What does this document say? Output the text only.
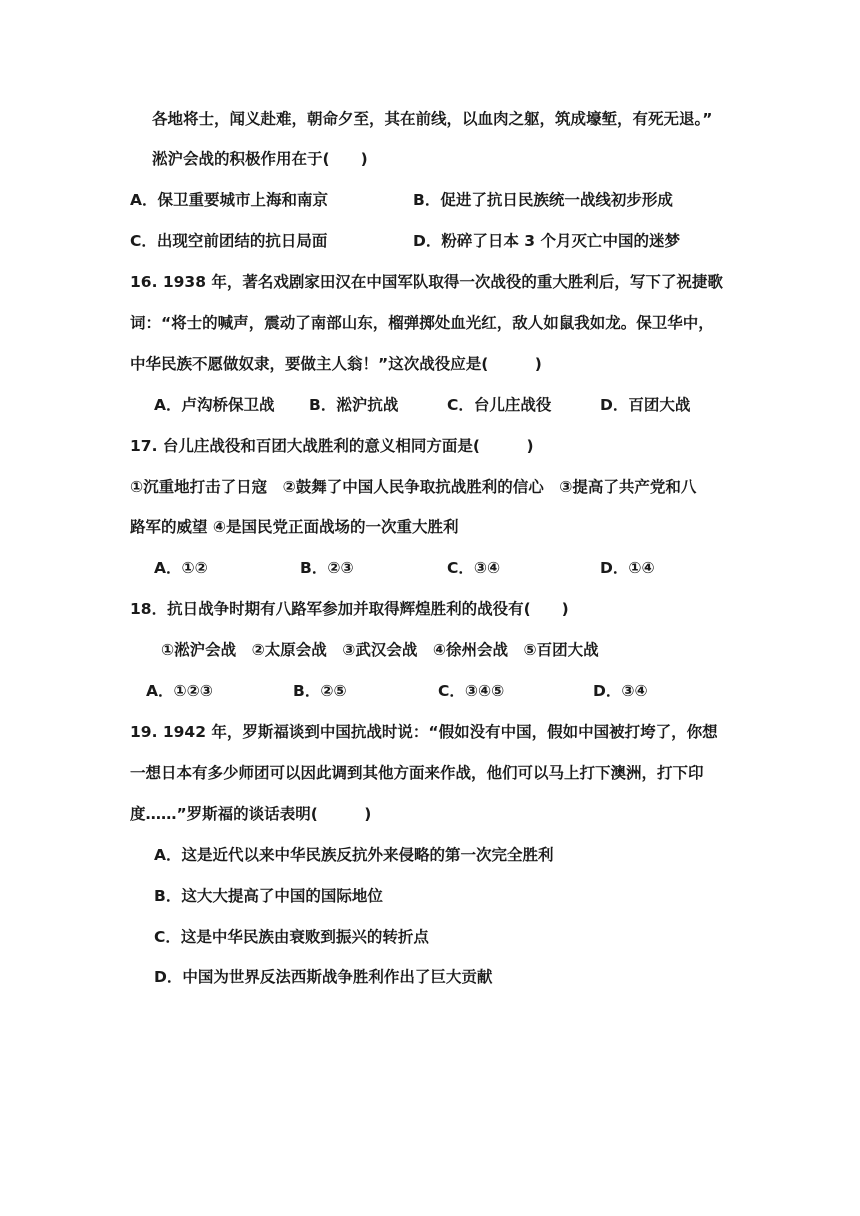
各地将士，闻义赴难，朝命夕至，其在前线，以血肉之躯，筑成壕堑，有死无退。”
淞沪会战的积极作用在于(　　)
A．保卫重要城市上海和南京	B．促进了抗日民族统一战线初步形成
C．出现空前团结的抗日局面	D．粉碎了日本 3 个月灭亡中国的迷梦
16. 1938 年，著名戏剧家田汉在中国军队取得一次战役的重大胜利后，写下了祝捷歌
词：“将士的喊声，震动了南部山东，榴弹掷处血光红，敌人如鼠我如龙。保卫华中，
中华民族不愿做奴隶，要做主人翁！”这次战役应是(　　　)
A．卢沟桥保卫战 B．淞沪抗战	C．台儿庄战役	D．百团大战
17. 台儿庄战役和百团大战胜利的意义相同方面是(　　　)
①沉重地打击了日寇　②鼓舞了中国人民争取抗战胜利的信心　③提高了共产党和八
路军的威望 ④是国民党正面战场的一次重大胜利
A．①②	B．②③	C．③④	D．①④
18．抗日战争时期有八路军参加并取得辉煌胜利的战役有(　　)
①淞沪会战　②太原会战　③武汉会战　④徐州会战　⑤百团大战
A．①②③	B．②⑤	C．③④⑤	D．③④
19. 1942 年，罗斯福谈到中国抗战时说：“假如没有中国，假如中国被打垮了，你想
一想日本有多少师团可以因此调到其他方面来作战，他们可以马上打下澳洲，打下印
度……”罗斯福的谈话表明(　　　)
A．这是近代以来中华民族反抗外来侵略的第一次完全胜利
B．这大大提高了中国的国际地位
C．这是中华民族由衰败到振兴的转折点
D．中国为世界反法西斯战争胜利作出了巨大贡献
